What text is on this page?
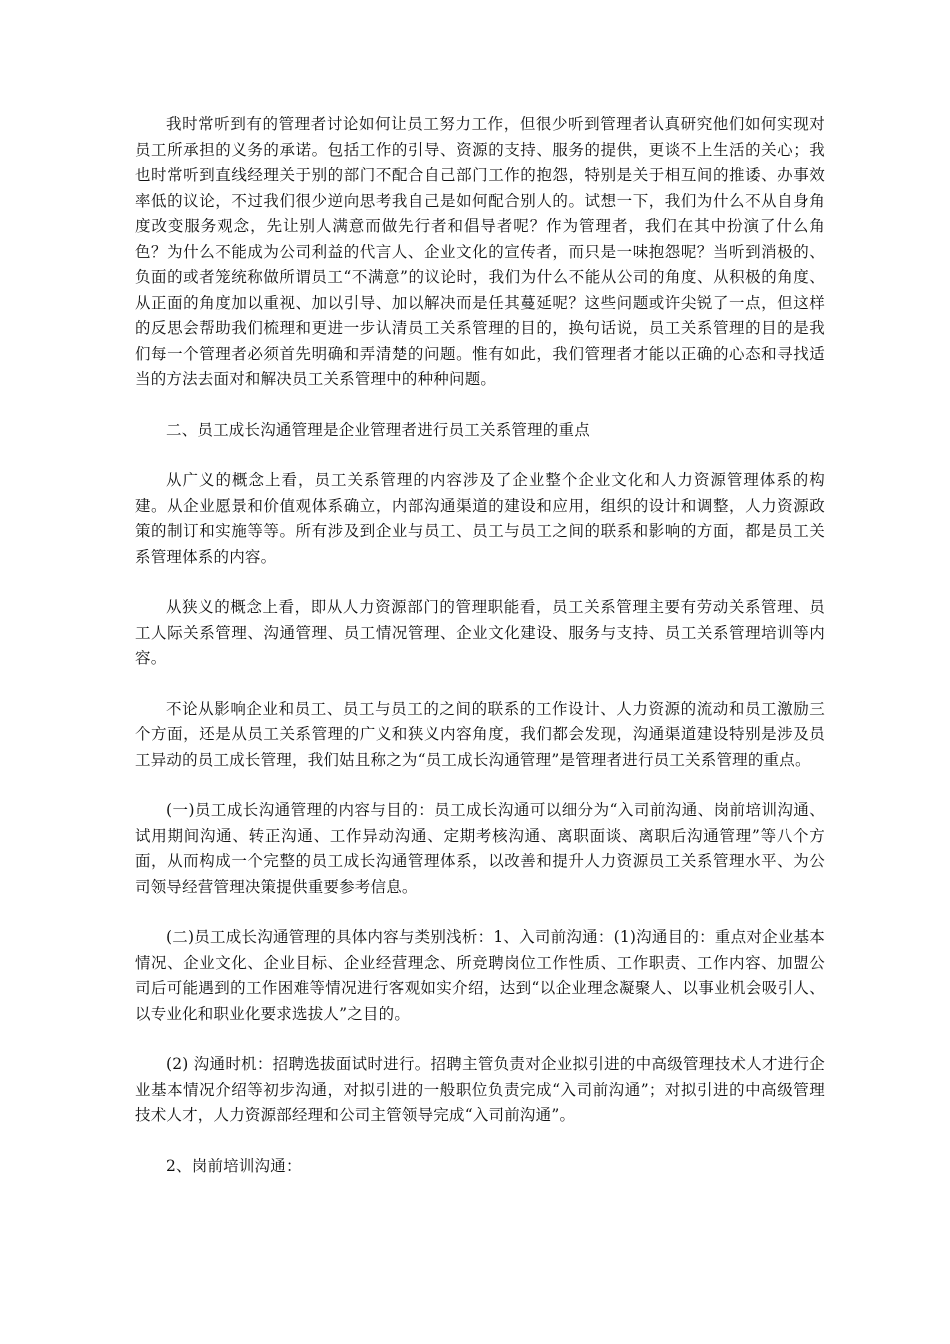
我时常听到有的管理者讨论如何让员工努力工作，但很少听到管理者认真研究他们如何实现对员工所承担的义务的承诺。包括工作的引导、资源的支持、服务的提供，更谈不上生活的关心；我也时常听到直线经理关于别的部门不配合自己部门工作的抱怨，特别是关于相互间的推诿、办事效率低的议论，不过我们很少逆向思考我自己是如何配合别人的。试想一下，我们为什么不从自身角度改变服务观念，先让别人满意而做先行者和倡导者呢？作为管理者，我们在其中扮演了什么角色？为什么不能成为公司利益的代言人、企业文化的宣传者，而只是一味抱怨呢？当听到消极的、负面的或者笼统称做所谓员工“不满意”的议论时，我们为什么不能从公司的角度、从积极的角度、从正面的角度加以重视、加以引导、加以解决而是任其蔓延呢？这些问题或许尖锐了一点，但这样的反思会帮助我们梳理和更进一步认清员工关系管理的目的，换句话说，员工关系管理的目的是我们每一个管理者必须首先明确和弄清楚的问题。惟有如此，我们管理者才能以正确的心态和寻找适当的方法去面对和解决员工关系管理中的种种问题。

二、员工成长沟通管理是企业管理者进行员工关系管理的重点

从广义的概念上看，员工关系管理的内容涉及了企业整个企业文化和人力资源管理体系的构建。从企业愿景和价值观体系确立，内部沟通渠道的建设和应用，组织的设计和调整，人力资源政策的制订和实施等等。所有涉及到企业与员工、员工与员工之间的联系和影响的方面，都是员工关系管理体系的内容。

从狭义的概念上看，即从人力资源部门的管理职能看，员工关系管理主要有劳动关系管理、员工人际关系管理、沟通管理、员工情况管理、企业文化建设、服务与支持、员工关系管理培训等内容。

不论从影响企业和员工、员工与员工的之间的联系的工作设计、人力资源的流动和员工激励三个方面，还是从员工关系管理的广义和狭义内容角度，我们都会发现，沟通渠道建设特别是涉及员工异动的员工成长管理，我们姑且称之为“员工成长沟通管理”是管理者进行员工关系管理的重点。

(一)员工成长沟通管理的内容与目的：员工成长沟通可以细分为“入司前沟通、岗前培训沟通、试用期间沟通、转正沟通、工作异动沟通、定期考核沟通、离职面谈、离职后沟通管理”等八个方面，从而构成一个完整的员工成长沟通管理体系，以改善和提升人力资源员工关系管理水平、为公司领导经营管理决策提供重要参考信息。

(二)员工成长沟通管理的具体内容与类别浅析：1、入司前沟通：(1)沟通目的：重点对企业基本情况、企业文化、企业目标、企业经营理念、所竞聘岗位工作性质、工作职责、工作内容、加盟公司后可能遇到的工作困难等情况进行客观如实介绍，达到“以企业理念凝聚人、以事业机会吸引人、以专业化和职业化要求选拔人”之目的。

(2) 沟通时机：招聘选拔面试时进行。招聘主管负责对企业拟引进的中高级管理技术人才进行企业基本情况介绍等初步沟通，对拟引进的一般职位负责完成“入司前沟通”；对拟引进的中高级管理技术人才，人力资源部经理和公司主管领导完成“入司前沟通”。

2、岗前培训沟通：
